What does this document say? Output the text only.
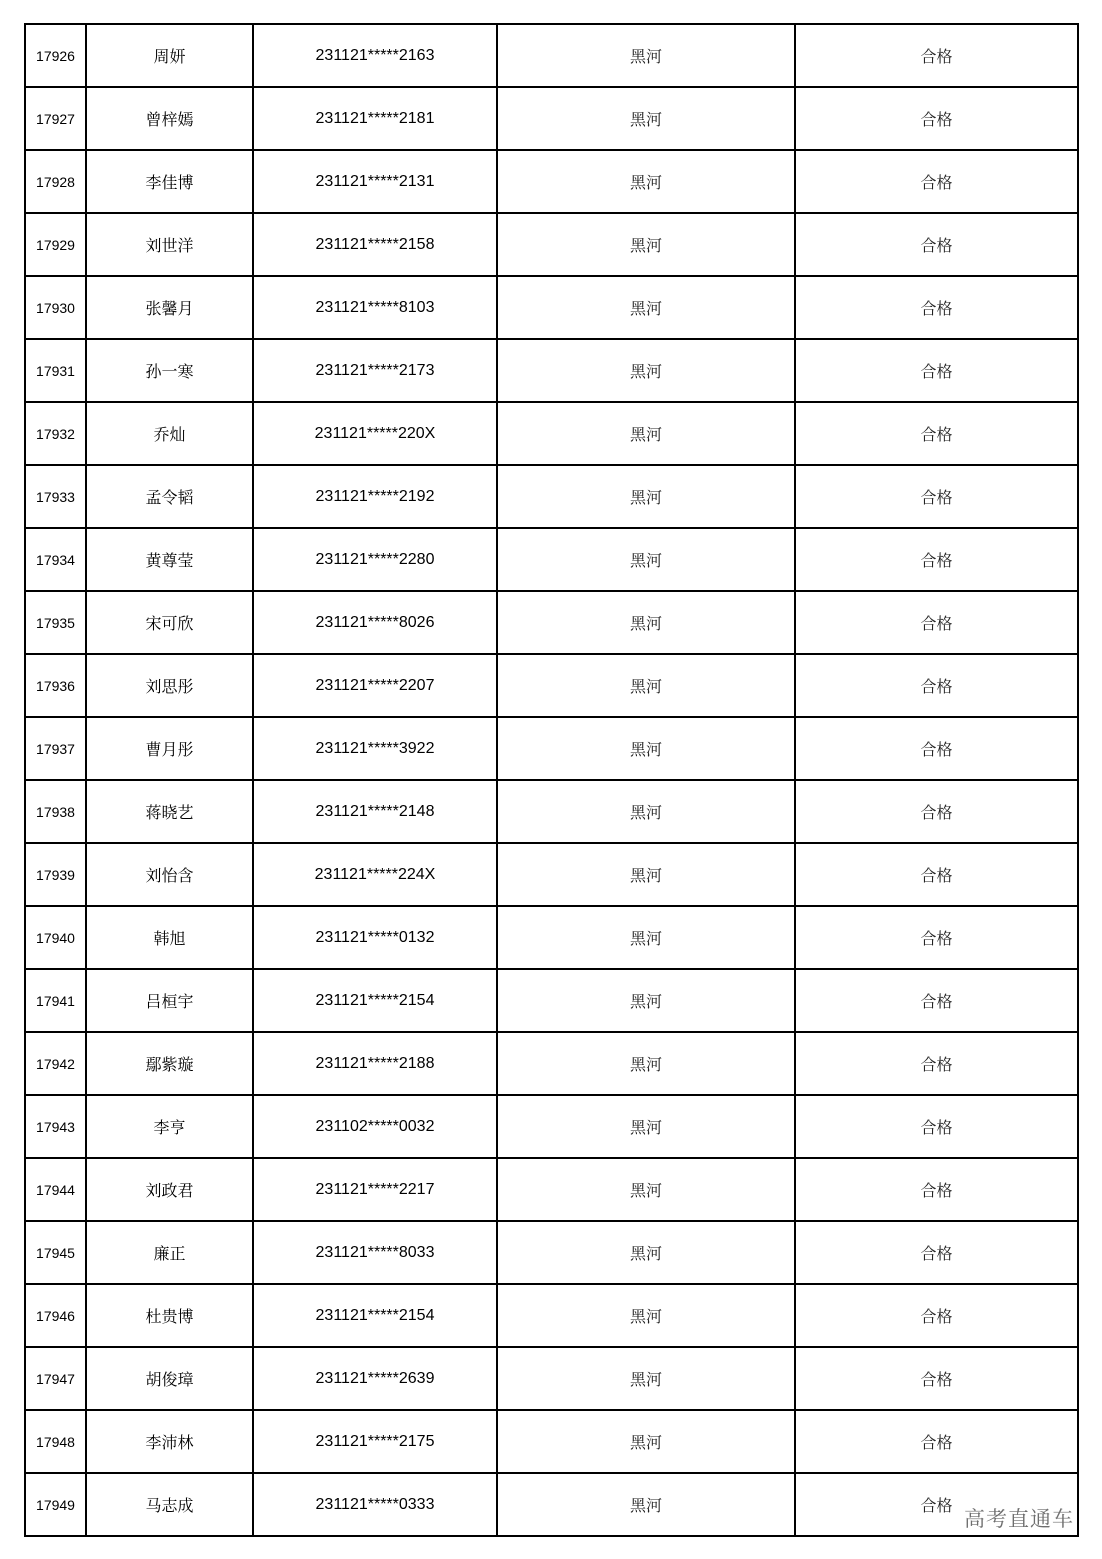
17926	周妍	231121*****2163	黑河	合格
17927	曾梓嫣	231121*****2181	黑河	合格
17928	李佳博	231121*****2131	黑河	合格
17929	刘世洋	231121*****2158	黑河	合格
17930	张馨月	231121*****8103	黑河	合格
17931	孙一寒	231121*****2173	黑河	合格
17932	乔灿	231121*****220X	黑河	合格
17933	孟令韬	231121*****2192	黑河	合格
17934	黄尊莹	231121*****2280	黑河	合格
17935	宋可欣	231121*****8026	黑河	合格
17936	刘思彤	231121*****2207	黑河	合格
17937	曹月彤	231121*****3922	黑河	合格
17938	蒋晓艺	231121*****2148	黑河	合格
17939	刘怡含	231121*****224X	黑河	合格
17940	韩旭	231121*****0132	黑河	合格
17941	吕桓宇	231121*****2154	黑河	合格
17942	鄢紫璇	231121*****2188	黑河	合格
17943	李亨	231102*****0032	黑河	合格
17944	刘政君	231121*****2217	黑河	合格
17945	廉正	231121*****8033	黑河	合格
17946	杜贵博	231121*****2154	黑河	合格
17947	胡俊璋	231121*****2639	黑河	合格
17948	李沛林	231121*****2175	黑河	合格
17949	马志成	231121*****0333	黑河	合格
高考直通车
